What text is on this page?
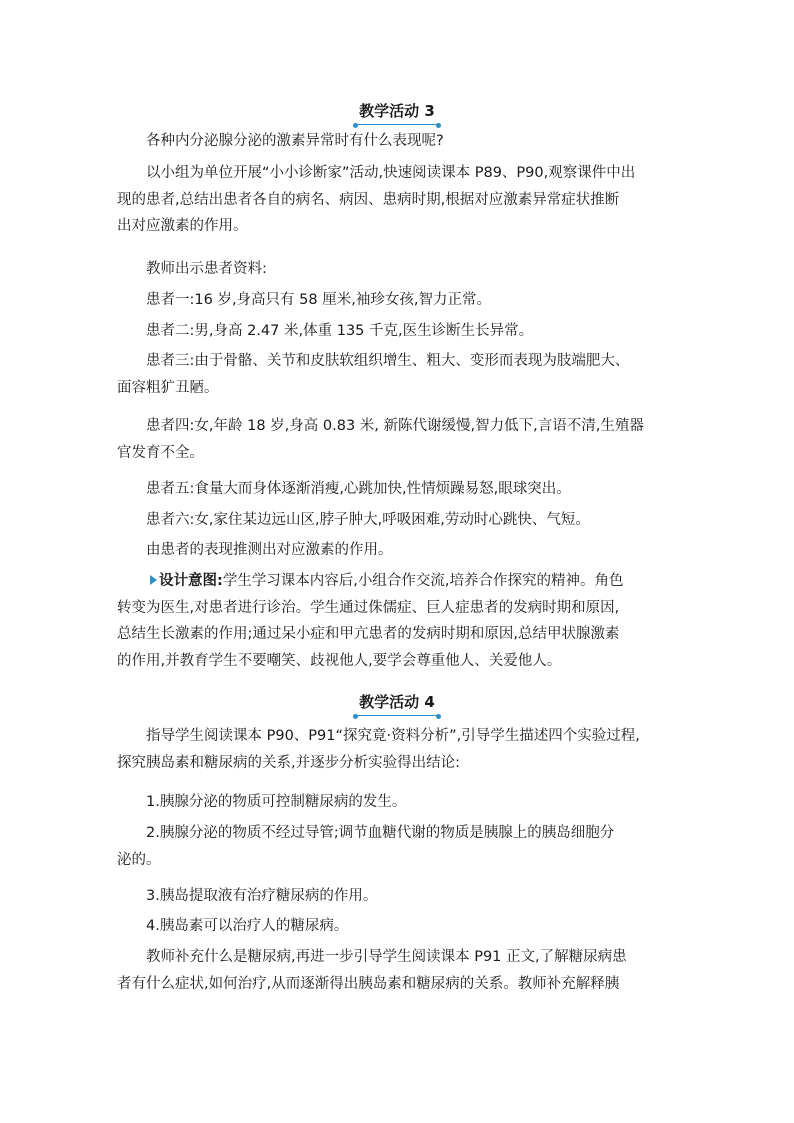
教学活动 3

各种内分泌腺分泌的激素异常时有什么表现呢?

以小组为单位开展“小小诊断家”活动,快速阅读课本 P89、P90,观察课件中出
现的患者,总结出患者各自的病名、病因、患病时期,根据对应激素异常症状推断
出对应激素的作用。

教师出示患者资料:

患者一:16 岁,身高只有 58 厘米,袖珍女孩,智力正常。

患者二:男,身高 2.47 米,体重 135 千克,医生诊断生长异常。

患者三:由于骨骼、关节和皮肤软组织增生、粗大、变形而表现为肢端肥大、
面容粗犷丑陋。

患者四:女,年龄 18 岁,身高 0.83 米, 新陈代谢缓慢,智力低下,言语不清,生殖器
官发育不全。

患者五:食量大而身体逐渐消瘦,心跳加快,性情烦躁易怒,眼球突出。

患者六:女,家住某边远山区,脖子肿大,呼吸困难,劳动时心跳快、气短。

由患者的表现推测出对应激素的作用。

设计意图:学生学习课本内容后,小组合作交流,培养合作探究的精神。角色
转变为医生,对患者进行诊治。学生通过侏儒症、巨人症患者的发病时期和原因,
总结生长激素的作用;通过呆小症和甲亢患者的发病时期和原因,总结甲状腺激素
的作用,并教育学生不要嘲笑、歧视他人,要学会尊重他人、关爱他人。

教学活动 4

指导学生阅读课本 P90、P91“探究竟·资料分析”,引导学生描述四个实验过程,
探究胰岛素和糖尿病的关系,并逐步分析实验得出结论:

1.胰腺分泌的物质可控制糖尿病的发生。

2.胰腺分泌的物质不经过导管;调节血糖代谢的物质是胰腺上的胰岛细胞分
泌的。

3.胰岛提取液有治疗糖尿病的作用。

4.胰岛素可以治疗人的糖尿病。

教师补充什么是糖尿病,再进一步引导学生阅读课本 P91 正文,了解糖尿病患
者有什么症状,如何治疗,从而逐渐得出胰岛素和糖尿病的关系。教师补充解释胰
